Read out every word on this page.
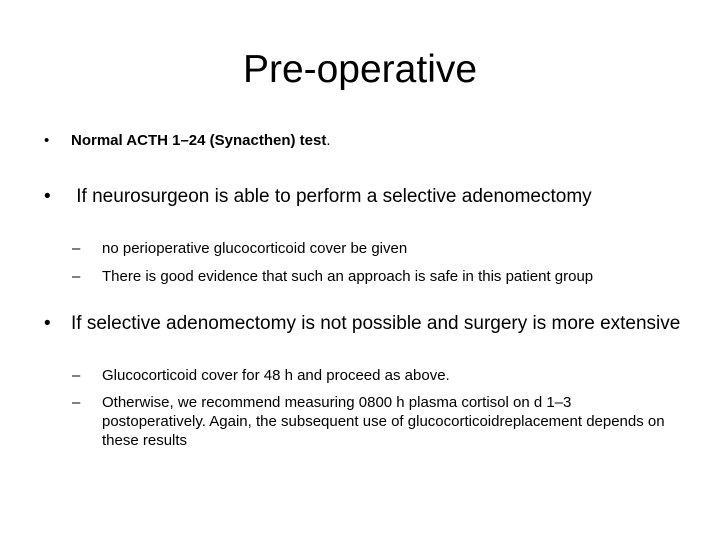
Pre-operative
•	Normal ACTH 1–24 (Synacthen) test.
•	If neurosurgeon is able to perform a selective adenomectomy
– no perioperative glucocorticoid cover be given
– There is good evidence that such an approach is safe in this patient group
•	If selective adenomectomy is not possible and surgery is more extensive
– Glucocorticoid cover for 48 h and proceed as above.
– Otherwise, we recommend measuring 0800 h plasma cortisol on d 1–3 postoperatively. Again, the subsequent use of glucocorticoidreplacement depends on these results
